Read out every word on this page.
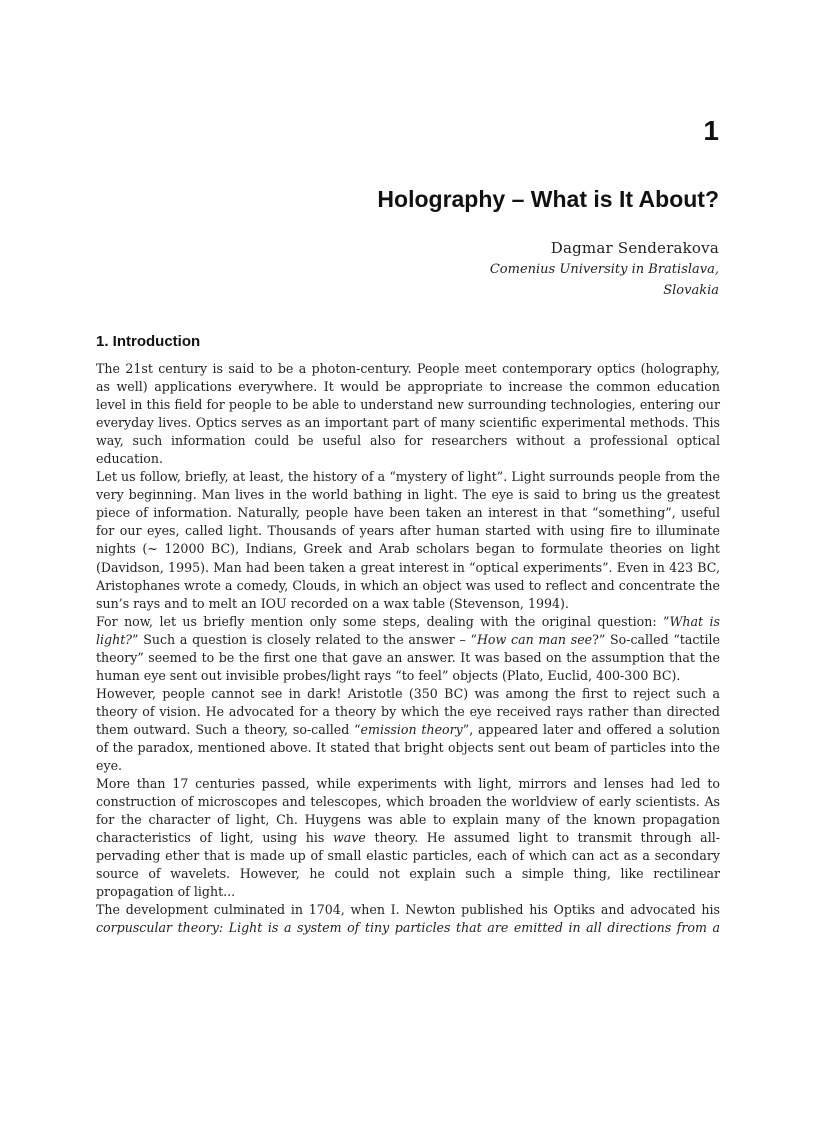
1
Holography – What is It About?
Dagmar Senderakova
Comenius University in Bratislava,
Slovakia
1. Introduction

The 21st century is said to be a photon-century. People meet contemporary optics (holography, as well) applications everywhere. It would be appropriate to increase the common education level in this field for people to be able to understand new surrounding technologies, entering our everyday lives. Optics serves as an important part of many scientific experimental methods. This way, such information could be useful also for researchers without a professional optical education.

Let us follow, briefly, at least, the history of a “mystery of light”. Light surrounds people from the very beginning. Man lives in the world bathing in light. The eye is said to bring us the greatest piece of information. Naturally, people have been taken an interest in that “something”, useful for our eyes, called light. Thousands of years after human started with using fire to illuminate nights (~ 12000 BC), Indians, Greek and Arab scholars began to formulate theories on light (Davidson, 1995). Man had been taken a great interest in “optical experiments”. Even in 423 BC, Aristophanes wrote a comedy, Clouds, in which an object was used to reflect and concentrate the sun’s rays and to melt an IOU recorded on a wax table (Stevenson, 1994).

For now, let us briefly mention only some steps, dealing with the original question: ”What is light?” Such a question is closely related to the answer – “How can man see?” So-called “tactile theory” seemed to be the first one that gave an answer. It was based on the assumption that the human eye sent out invisible probes/light rays “to feel” objects (Plato, Euclid, 400-300 BC).

However, people cannot see in dark! Aristotle (350 BC) was among the first to reject such a theory of vision. He advocated for a theory by which the eye received rays rather than directed them outward. Such a theory, so-called “emission theory”, appeared later and offered a solution of the paradox, mentioned above. It stated that bright objects sent out beam of particles into the eye.

More than 17 centuries passed, while experiments with light, mirrors and lenses had led to construction of microscopes and telescopes, which broaden the worldview of early scientists. As for the character of light, Ch. Huygens was able to explain many of the known propagation characteristics of light, using his wave theory. He assumed light to transmit through all-pervading ether that is made up of small elastic particles, each of which can act as a secondary source of wavelets. However, he could not explain such a simple thing, like rectilinear propagation of light...

The development culminated in 1704, when I. Newton published his Optiks and advocated his corpuscular theory: Light is a system of tiny particles that are emitted in all directions from a
